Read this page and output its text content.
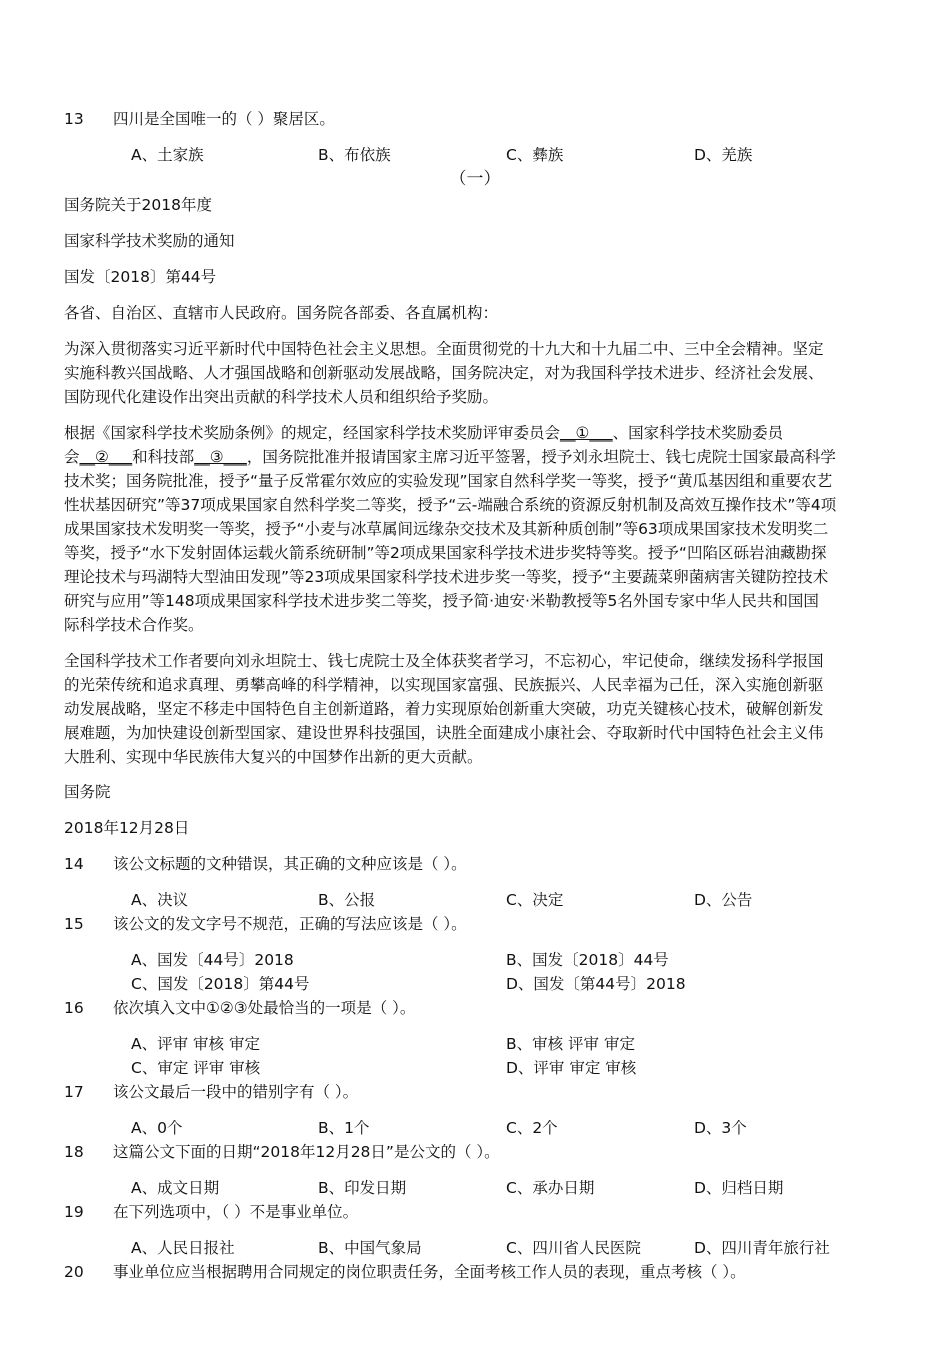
13 四川是全国唯一的（ ）聚居区。
A、土家族	B、布依族	C、彝族	D、羌族
（一）
国务院关于2018年度
国家科学技术奖励的通知
国发〔2018〕第44号
各省、自治区、直辖市人民政府。国务院各部委、各直属机构：
为深入贯彻落实习近平新时代中国特色社会主义思想。全面贯彻党的十九大和十九届二中、三中全会精神。坚定
实施科教兴国战略、人才强国战略和创新驱动发展战略，国务院决定，对为我国科学技术进步、经济社会发展、
国防现代化建设作出突出贡献的科学技术人员和组织给予奖励。
根据《国家科学技术奖励条例》的规定，经国家科学技术奖励评审委员会__①___、国家科学技术奖励委员
会__②___和科技部__③___，国务院批准并报请国家主席习近平签署，授予刘永坦院士、钱七虎院士国家最高科学
技术奖；国务院批准，授予“量子反常霍尔效应的实验发现”国家自然科学奖一等奖，授予“黄瓜基因组和重要农艺
性状基因研究”等37项成果国家自然科学奖二等奖，授予“云-端融合系统的资源反射机制及高效互操作技术”等4项
成果国家技术发明奖一等奖，授予“小麦与冰草属间远缘杂交技术及其新种质创制”等63项成果国家技术发明奖二
等奖，授予“水下发射固体运载火箭系统研制”等2项成果国家科学技术进步奖特等奖。授予“凹陷区砾岩油藏勘探
理论技术与玛湖特大型油田发现”等23项成果国家科学技术进步奖一等奖，授予“主要蔬菜卵菌病害关键防控技术
研究与应用”等148项成果国家科学技术进步奖二等奖，授予简·迪安·米勒教授等5名外国专家中华人民共和国国
际科学技术合作奖。
全国科学技术工作者要向刘永坦院士、钱七虎院士及全体获奖者学习，不忘初心，牢记使命，继续发扬科学报国
的光荣传统和追求真理、勇攀高峰的科学精神，以实现国家富强、民族振兴、人民幸福为己任，深入实施创新驱
动发展战略，坚定不移走中国特色自主创新道路，着力实现原始创新重大突破，功克关键核心技术，破解创新发
展难题，为加快建设创新型国家、建设世界科技强国，诀胜全面建成小康社会、夺取新时代中国特色社会主义伟
大胜利、实现中华民族伟大复兴的中国梦作出新的更大贡献。
国务院
2018年12月28日
14 该公文标题的文种错误，其正确的文种应该是（ ）。
A、决议	B、公报	C、决定	D、公告
15 该公文的发文字号不规范，正确的写法应该是（ ）。
A、国发〔44号〕2018	B、国发〔2018〕44号
C、国发〔2018〕第44号	D、国发〔第44号〕2018
16 依次填入文中①②③处最恰当的一项是（ ）。
A、评审 审核 审定	B、审核 评审 审定
C、审定 评审 审核	D、评审 审定 审核
17 该公文最后一段中的错别字有（ ）。
A、0个	B、1个	C、2个	D、3个
18 这篇公文下面的日期“2018年12月28日”是公文的（ ）。
A、成文日期	B、印发日期	C、承办日期	D、归档日期
19 在下列选项中，（ ）不是事业单位。
A、人民日报社	B、中国气象局	C、四川省人民医院	D、四川青年旅行社
20 事业单位应当根据聘用合同规定的岗位职责任务，全面考核工作人员的表现，重点考核（ ）。
